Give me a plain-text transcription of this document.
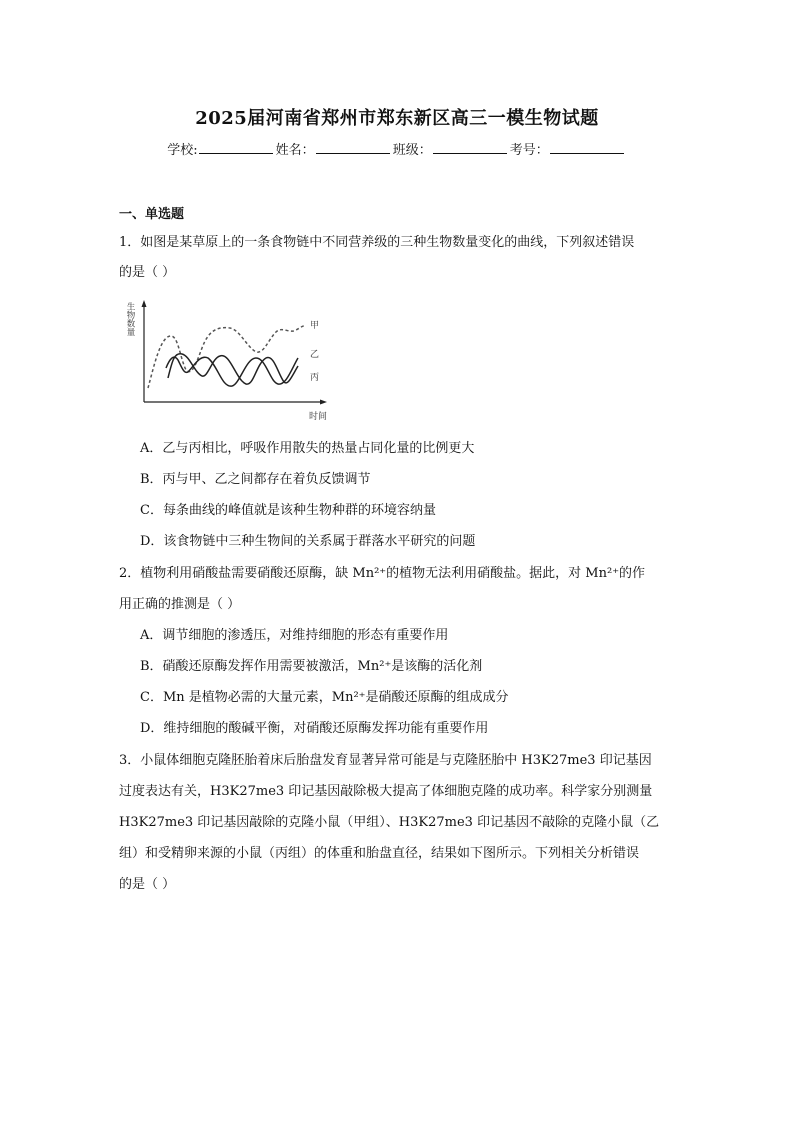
2025届河南省郑州市郑东新区高三一模生物试题
学校:	姓名：	班级：	考号：
一、单选题
1．如图是某草原上的一条食物链中不同营养级的三种生物数量变化的曲线，下列叙述错误
的是（ ）
生物数量
时间
甲
乙
丙
A．乙与丙相比，呼吸作用散失的热量占同化量的比例更大
B．丙与甲、乙之间都存在着负反馈调节
C．每条曲线的峰值就是该种生物种群的环境容纳量
D．该食物链中三种生物间的关系属于群落水平研究的问题
2．植物利用硝酸盐需要硝酸还原酶，缺 Mn²⁺的植物无法利用硝酸盐。据此，对 Mn²⁺的作
用正确的推测是（ ）
A．调节细胞的渗透压，对维持细胞的形态有重要作用
B．硝酸还原酶发挥作用需要被激活，Mn²⁺是该酶的活化剂
C．Mn 是植物必需的大量元素，Mn²⁺是硝酸还原酶的组成成分
D．维持细胞的酸碱平衡，对硝酸还原酶发挥功能有重要作用
3．小鼠体细胞克隆胚胎着床后胎盘发育显著异常可能是与克隆胚胎中 H3K27me3 印记基因
过度表达有关，H3K27me3 印记基因敲除极大提高了体细胞克隆的成功率。科学家分别测量
H3K27me3 印记基因敲除的克隆小鼠（甲组）、H3K27me3 印记基因不敲除的克隆小鼠（乙
组）和受精卵来源的小鼠（丙组）的体重和胎盘直径，结果如下图所示。下列相关分析错误
的是（ ）
